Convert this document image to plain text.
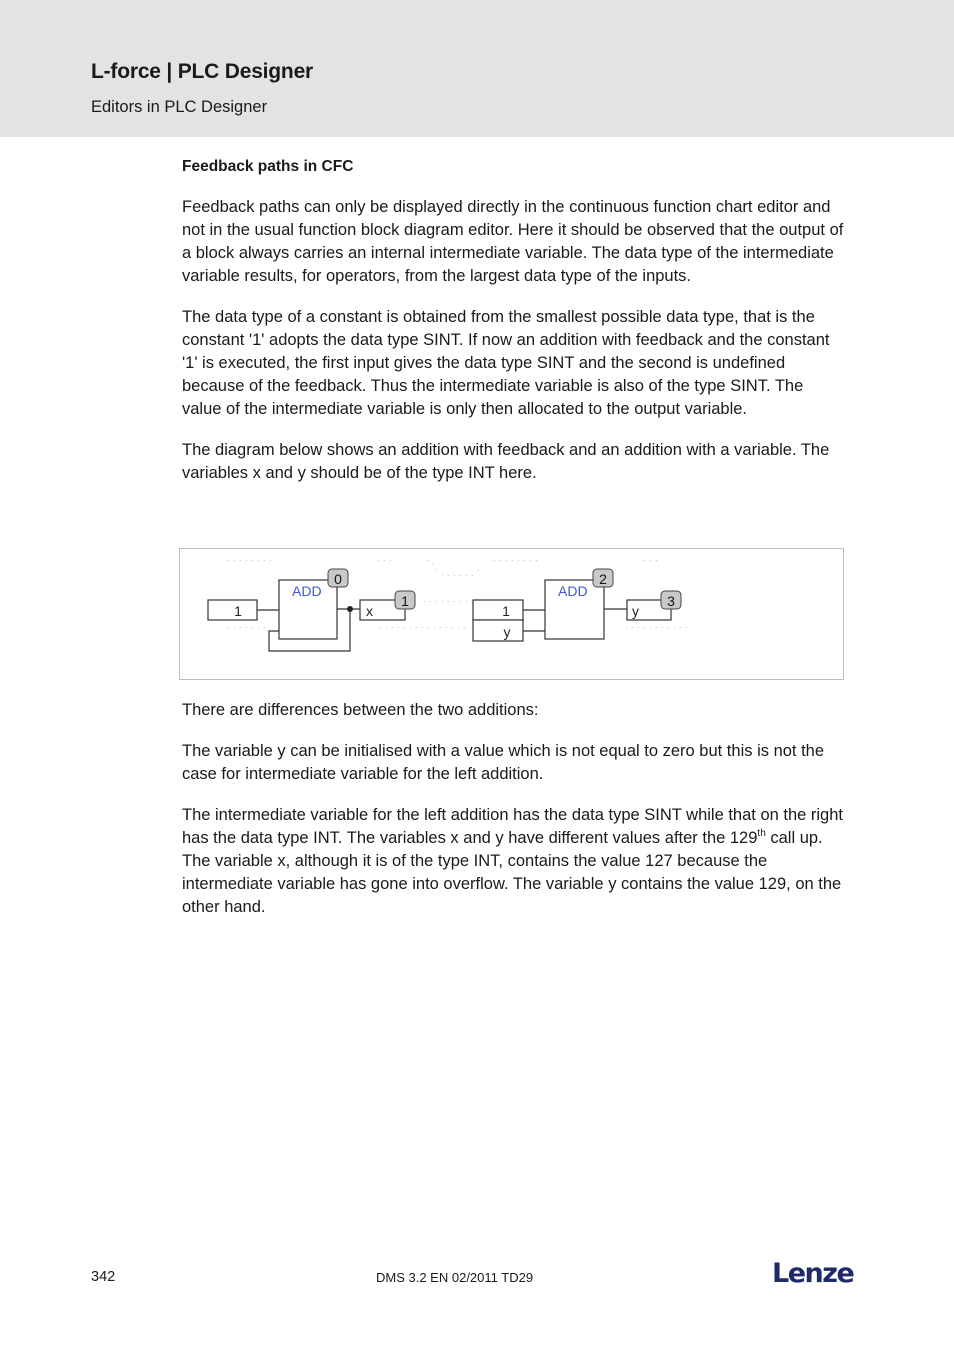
L-force | PLC Designer
Editors in PLC Designer
Feedback paths in CFC

Feedback paths can only be displayed directly in the continuous function chart editor and not in the usual function block diagram editor. Here it should be observed that the output of a block always carries an internal intermediate variable. The data type of the intermediate variable results, for operators, from the largest data type of the inputs.

The data type of a constant is obtained from the smallest possible data type, that is the constant '1' adopts the data type SINT. If now an addition with feedback and the constant '1' is executed, the first input gives the data type SINT and the second is undefined because of the feedback. Thus the intermediate variable is also of the type SINT. The value of the intermediate variable is only then allocated to the output variable.

The diagram below shows an addition with feedback and an addition with a variable. The variables x and y should be of the type INT here.

1
ADD
x
0
1
1
y
ADD
y
2
3

There are differences between the two additions:

The variable y can be initialised with a value which is not equal to zero but this is not the case for intermediate variable for the left addition.

The intermediate variable for the left addition has the data type SINT while that on the right has the data type INT. The variables x and y have different values after the 129th call up. The variable x, although it is of the type INT, contains the value 127 because the intermediate variable has gone into overflow. The variable y contains the value 129, on the other hand.

342	DMS 3.2 EN 02/2011 TD29	Lenze
